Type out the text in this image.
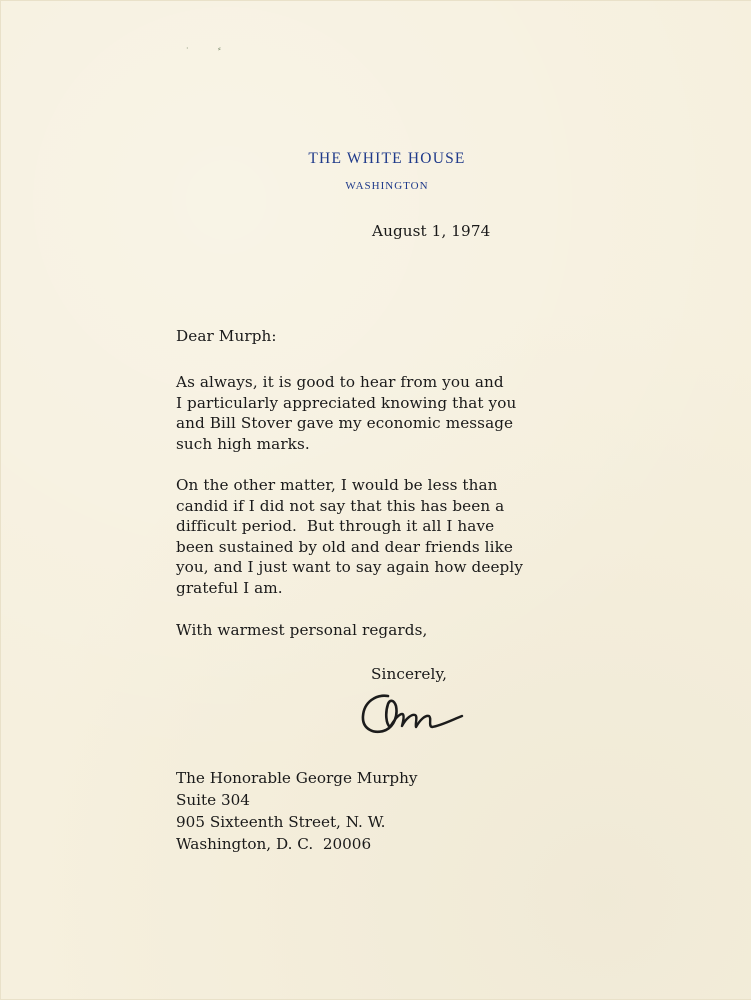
·	⸗
THE WHITE HOUSE
WASHINGTON
August 1, 1974
Dear Murph:
As always, it is good to hear from you and
I particularly appreciated knowing that you
and Bill Stover gave my economic message
such high marks.
On the other matter, I would be less than
candid if I did not say that this has been a
difficult period.  But through it all I have
been sustained by old and dear friends like
you, and I just want to say again how deeply
grateful I am.
With warmest personal regards,
Sincerely,
The Honorable George Murphy
Suite 304
905 Sixteenth Street, N. W.
Washington, D. C.  20006
